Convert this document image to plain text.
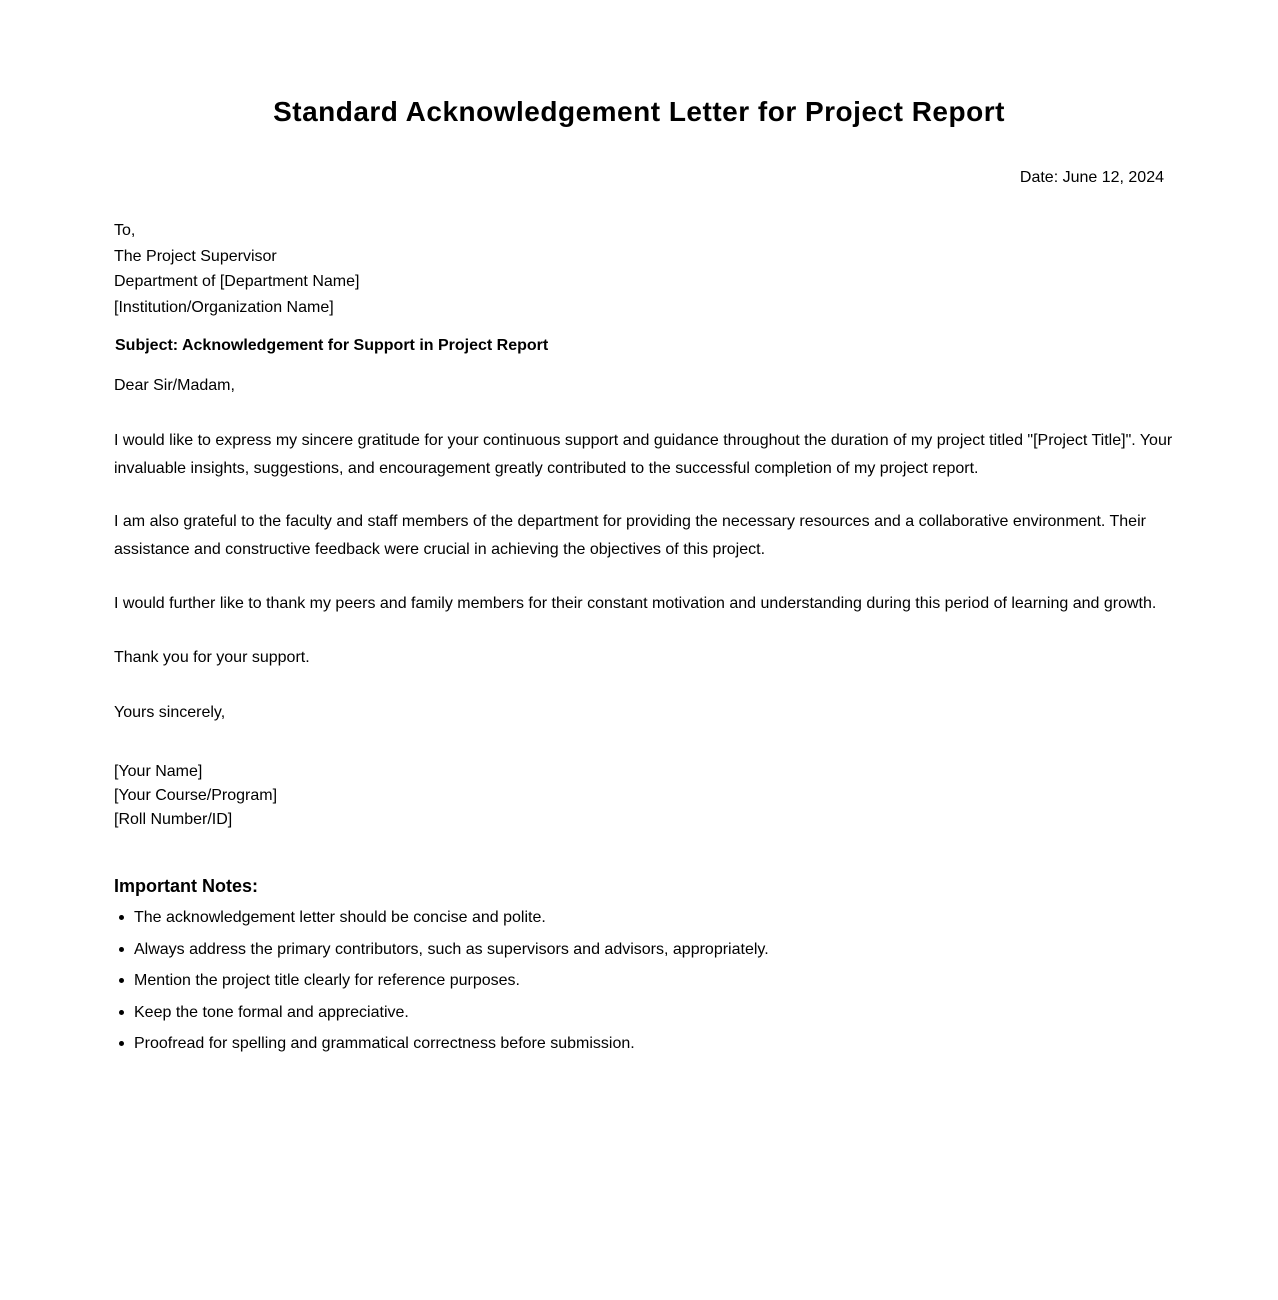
Standard Acknowledgement Letter for Project Report
Date: June 12, 2024
To,
The Project Supervisor
Department of [Department Name]
[Institution/Organization Name]
Subject: Acknowledgement for Support in Project Report
Dear Sir/Madam,

I would like to express my sincere gratitude for your continuous support and guidance throughout the duration of my project titled "[Project Title]". Your invaluable insights, suggestions, and encouragement greatly contributed to the successful completion of my project report.

I am also grateful to the faculty and staff members of the department for providing the necessary resources and a collaborative environment. Their assistance and constructive feedback were crucial in achieving the objectives of this project.

I would further like to thank my peers and family members for their constant motivation and understanding during this period of learning and growth.

Thank you for your support.

Yours sincerely,
[Your Name]
[Your Course/Program]
[Roll Number/ID]
Important Notes:
The acknowledgement letter should be concise and polite.
Always address the primary contributors, such as supervisors and advisors, appropriately.
Mention the project title clearly for reference purposes.
Keep the tone formal and appreciative.
Proofread for spelling and grammatical correctness before submission.
